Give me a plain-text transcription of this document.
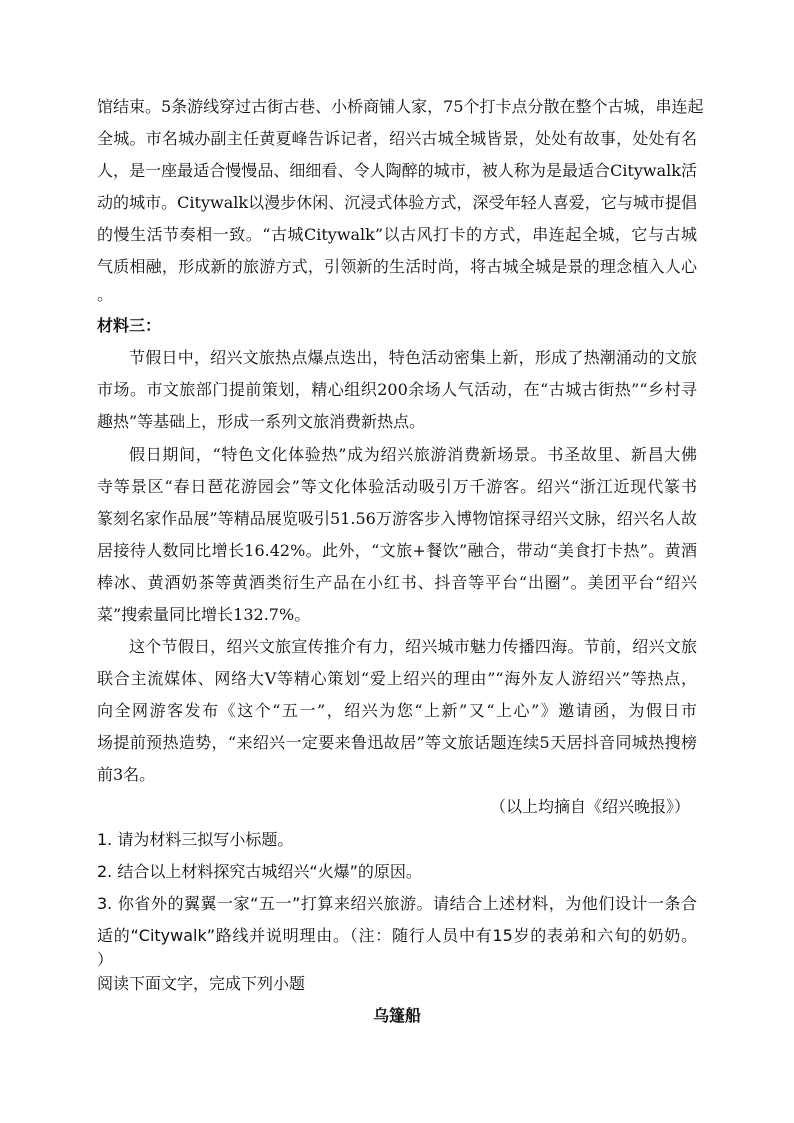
馆结束。5条游线穿过古街古巷、小桥商铺人家，75个打卡点分散在整个古城，串连起
全城。市名城办副主任黄夏峰告诉记者，绍兴古城全城皆景，处处有故事，处处有名
人，是一座最适合慢慢品、细细看、令人陶醉的城市，被人称为是最适合Citywalk活
动的城市。Citywalk以漫步休闲、沉浸式体验方式，深受年轻人喜爱，它与城市提倡
的慢生活节奏相一致。“古城Citywalk”以古风打卡的方式，串连起全城，它与古城
气质相融，形成新的旅游方式，引领新的生活时尚，将古城全城是景的理念植入人心
。
材料三：
节假日中，绍兴文旅热点爆点迭出，特色活动密集上新，形成了热潮涌动的文旅
市场。市文旅部门提前策划，精心组织200余场人气活动，在“古城古街热”“乡村寻
趣热”等基础上，形成一系列文旅消费新热点。
假日期间，“特色文化体验热”成为绍兴旅游消费新场景。书圣故里、新昌大佛
寺等景区“春日琶花游园会”等文化体验活动吸引万千游客。绍兴“浙江近现代篆书
篆刻名家作品展”等精品展览吸引51.56万游客步入博物馆探寻绍兴文脉，绍兴名人故
居接待人数同比增长16.42%。此外，“文旅+餐饮”融合，带动“美食打卡热”。黄酒
棒冰、黄酒奶茶等黄酒类衍生产品在小红书、抖音等平台“出圈”。美团平台“绍兴
菜”搜索量同比增长132.7%。
这个节假日，绍兴文旅宣传推介有力，绍兴城市魅力传播四海。节前，绍兴文旅
联合主流媒体、网络大V等精心策划“爱上绍兴的理由”“海外友人游绍兴”等热点，
向全网游客发布《这个“五一”，绍兴为您“上新”又“上心”》邀请函，为假日市
场提前预热造势，“来绍兴一定要来鲁迅故居”等文旅话题连续5天居抖音同城热搜榜
前3名。
（以上均摘自《绍兴晚报》）
1. 请为材料三拟写小标题。
2. 结合以上材料探究古城绍兴“火爆”的原因。
3. 你省外的翼翼一家“五一”打算来绍兴旅游。请结合上述材料，为他们设计一条合
适的“Citywalk”路线并说明理由。（注：随行人员中有15岁的表弟和六旬的奶奶。
）
阅读下面文字，完成下列小题
乌篷船
